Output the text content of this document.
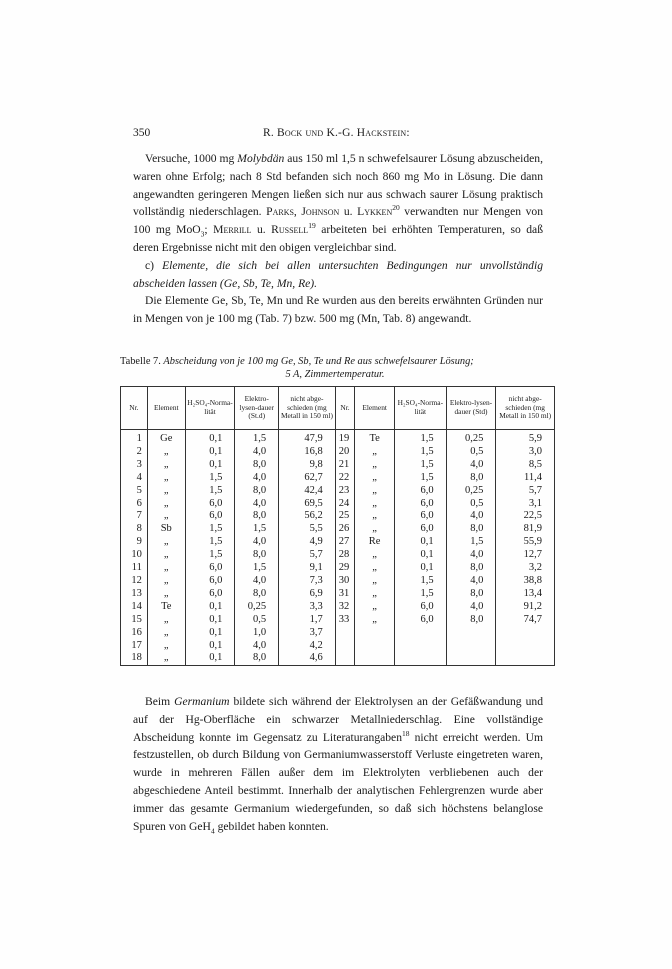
350	R. Bock und K.-G. Hackstein:

Versuche, 1000 mg Molybdän aus 150 ml 1,5 n schwefelsaurer Lösung abzuscheiden, waren ohne Erfolg; nach 8 Std befanden sich noch 860 mg Mo in Lösung. Die dann angewandten geringeren Mengen ließen sich nur aus schwach saurer Lösung praktisch vollständig niederschlagen. Parks, Johnson u. Lykken$^{20}$ verwandten nur Mengen von 100 mg MoO$_3$; Merrill u. Russell$^{19}$ arbeiteten bei erhöhten Temperaturen, so daß deren Ergebnisse nicht mit den obigen vergleichbar sind.

c) Elemente, die sich bei allen untersuchten Bedingungen nur unvollständig abscheiden lassen (Ge, Sb, Te, Mn, Re).

Die Elemente Ge, Sb, Te, Mn und Re wurden aus den bereits erwähnten Gründen nur in Mengen von je 100 mg (Tab. 7) bzw. 500 mg (Mn, Tab. 8) angewandt.

Tabelle 7. Abscheidung von je 100 mg Ge, Sb, Te und Re aus schwefelsaurer Lösung;
5 A, Zimmertemperatur.
Nr.	Element	H₂SO₄-Norma-lität	Elektro-lysen-dauer (St.d)	nicht abge-schieden (mg Metall in 150 ml)	Nr.	Element	H₂SO₄-Norma-lität	Elektro-lysen-dauer (Std)	nicht abge-schieden (mg Metall in 150 ml)
1	Ge	0,1	1,5	47,9	19	Te	1,5	0,25	5,9
2	„	0,1	4,0	16,8	20	„	1,5	0,5	3,0
3	„	0,1	8,0	9,8	21	„	1,5	4,0	8,5
4	„	1,5	4,0	62,7	22	„	1,5	8,0	11,4
5	„	1,5	8,0	42,4	23	„	6,0	0,25	5,7
6	„	6,0	4,0	69,5	24	„	6,0	0,5	3,1
7	„	6,0	8,0	56,2	25	„	6,0	4,0	22,5
8	Sb	1,5	1,5	5,5	26	„	6,0	8,0	81,9
9	„	1,5	4,0	4,9	27	Re	0,1	1,5	55,9
10	„	1,5	8,0	5,7	28	„	0,1	4,0	12,7
11	„	6,0	1,5	9,1	29	„	0,1	8,0	3,2
12	„	6,0	4,0	7,3	30	„	1,5	4,0	38,8
13	„	6,0	8,0	6,9	31	„	1,5	8,0	13,4
14	Te	0,1	0,25	3,3	32	„	6,0	4,0	91,2
15	„	0,1	0,5	1,7	33	„	6,0	8,0	74,7
16	„	0,1	1,0	3,7					
17	„	0,1	4,0	4,2					
18	„	0,1	8,0	4,6					

Beim Germanium bildete sich während der Elektrolysen an der Gefäßwandung und auf der Hg-Oberfläche ein schwarzer Metallniederschlag. Eine vollständige Abscheidung konnte im Gegensatz zu Literaturangaben$^{18}$ nicht erreicht werden. Um festzustellen, ob durch Bildung von Germaniumwasserstoff Verluste eingetreten waren, wurde in mehreren Fällen außer dem im Elektrolyten verbliebenen auch der abgeschiedene Anteil bestimmt. Innerhalb der analytischen Fehlergrenzen wurde aber immer das gesamte Germanium wiedergefunden, so daß sich höchstens belanglose Spuren von GeH$_4$ gebildet haben konnten.
